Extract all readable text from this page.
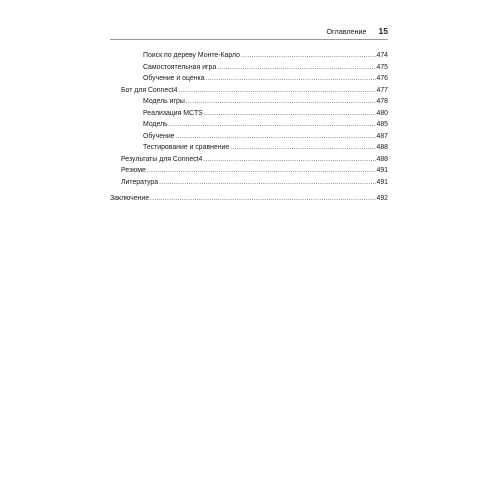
Оглавление 15
Поиск по дереву Монте-Карло .....	474
Самостоятельная игра .....	475
Обучение и оценка .....	476
Бот для Connect4 .....	477
Модель игры .....	478
Реализация MCTS .....	480
Модель .....	485
Обучение .....	487
Тестирование и сравнение .....	488
Результаты для Connect4 .....	488
Резюме .....	491
Литература .....	491
Заключение .....	492
